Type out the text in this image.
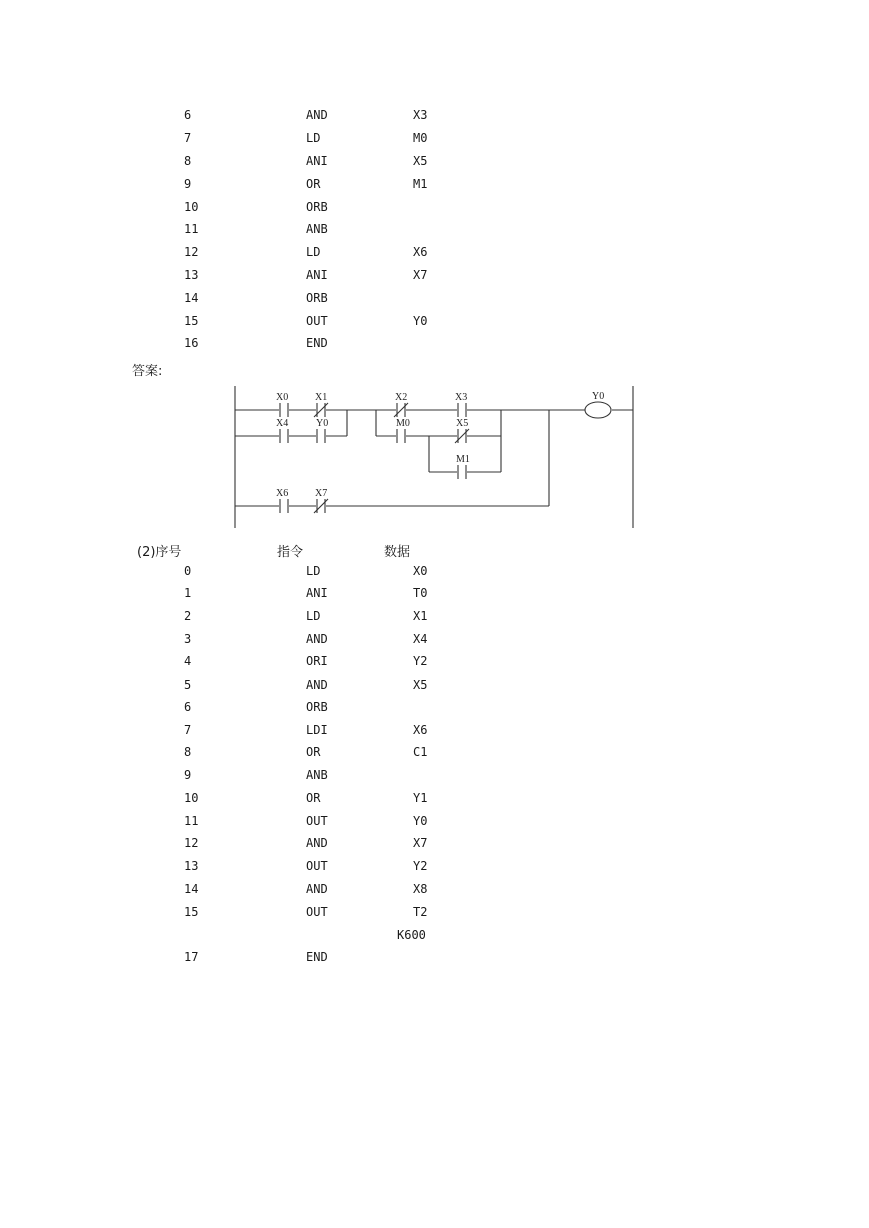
6	AND	X3
7	LD	M0
8	ANI	X5
9	OR	M1
10	ORB
11	ANB
12	LD	X6
13	ANI	X7
14	ORB
15	OUT	Y0
16	END
答案:
X0	X1
X4	Y0
X2	X3
M0	X5
M1
X6	X7
Y0
(2)序号	指令	数据
0	LD	X0
1	ANI	T0
2	LD	X1
3	AND	X4
4	ORI	Y2
5	AND	X5
6	ORB
7	LDI	X6
8	OR	C1
9	ANB
10	OR	Y1
11	OUT	Y0
12	AND	X7
13	OUT	Y2
14	AND	X8
15	OUT	T2
K600
17	END
